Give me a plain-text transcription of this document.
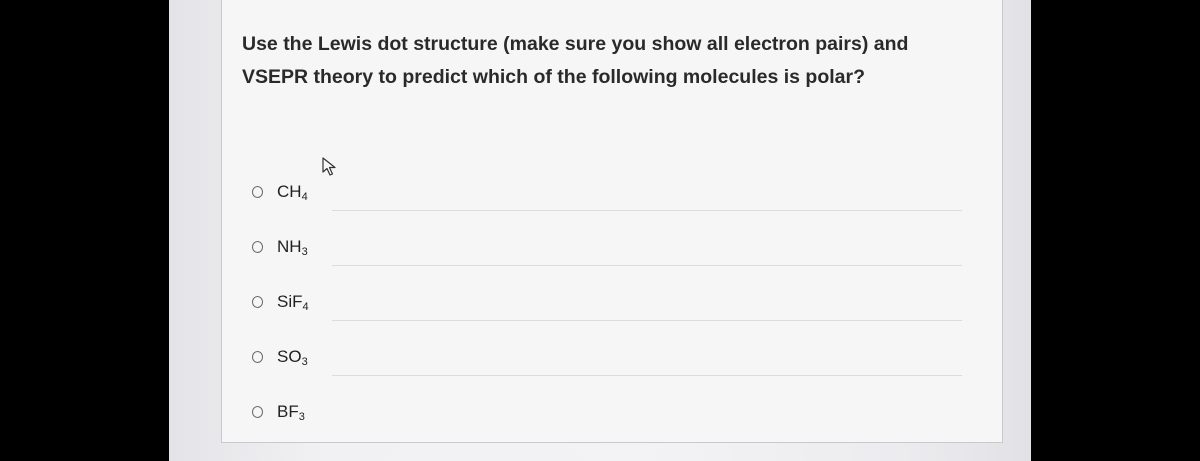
Use the Lewis dot structure (make sure you show all electron pairs) and
VSEPR theory to predict which of the following molecules is polar?

$CH_4$
$NH_3$
SiF$_4$
$SO_3$
$BF_3$
